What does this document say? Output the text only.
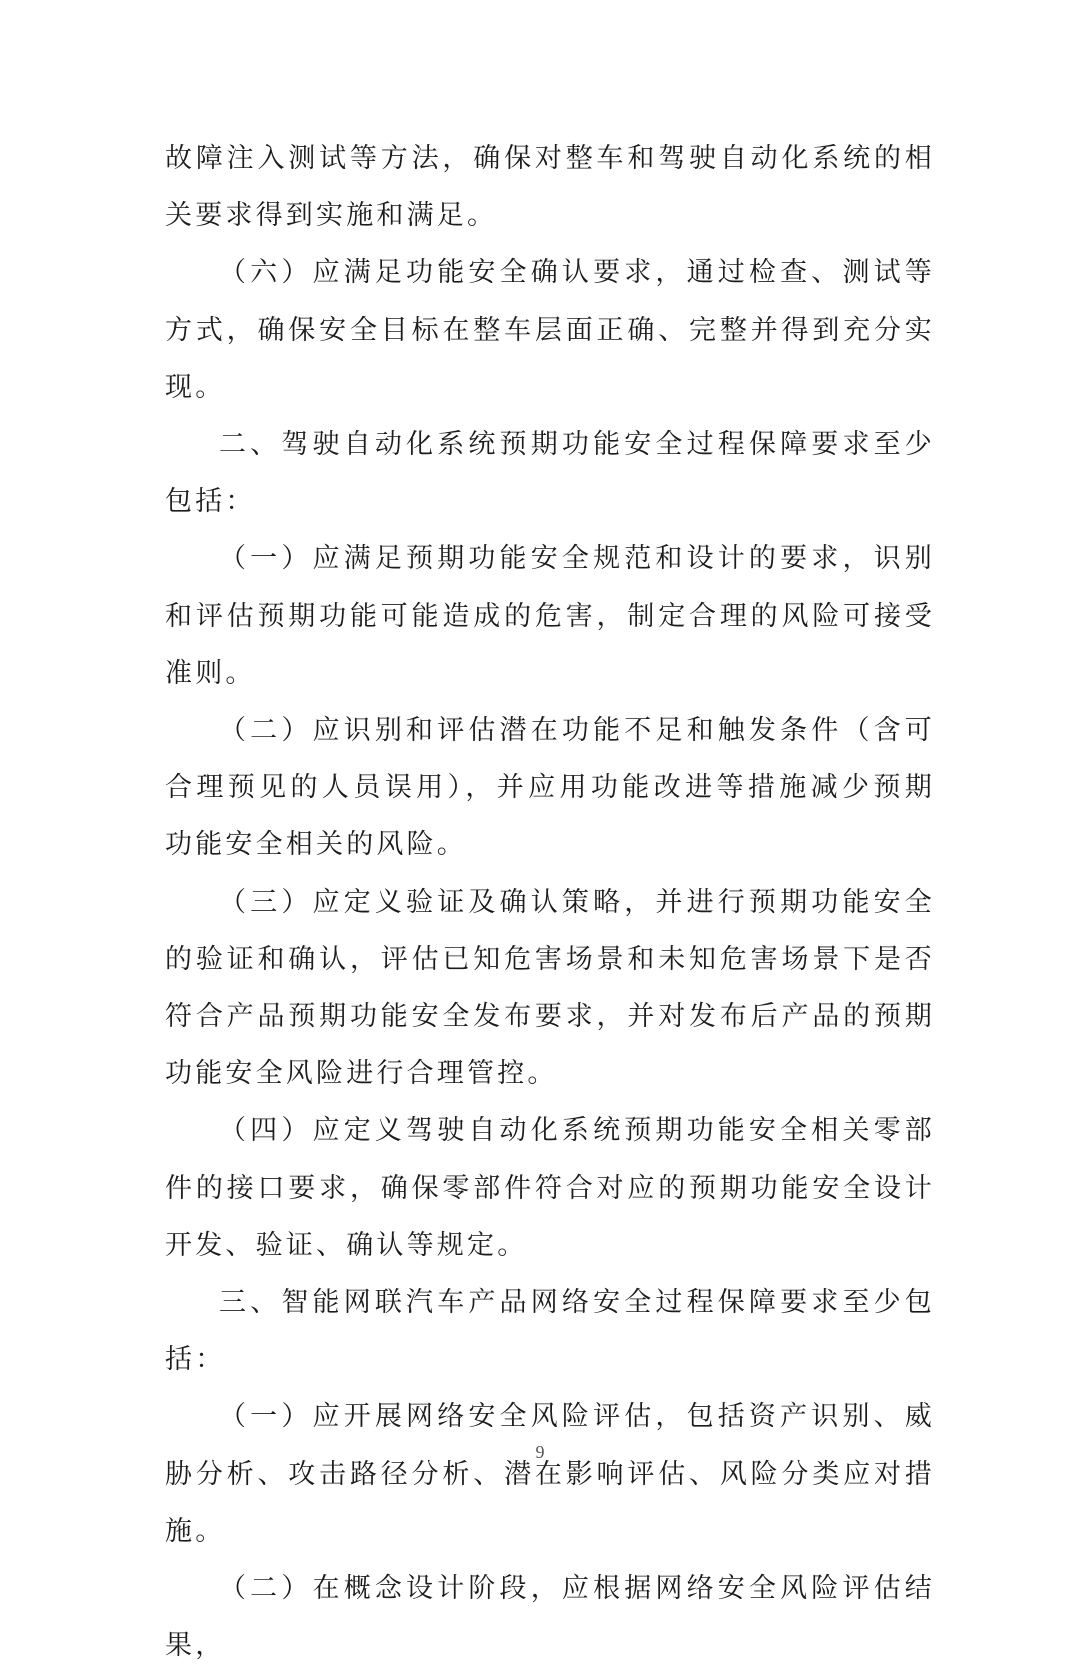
故障注入测试等方法，确保对整车和驾驶自动化系统的相关要求得到实施和满足。

（六）应满足功能安全确认要求，通过检查、测试等方式，确保安全目标在整车层面正确、完整并得到充分实现。

二、驾驶自动化系统预期功能安全过程保障要求至少包括：

（一）应满足预期功能安全规范和设计的要求，识别和评估预期功能可能造成的危害，制定合理的风险可接受准则。

（二）应识别和评估潜在功能不足和触发条件（含可合理预见的人员误用），并应用功能改进等措施减少预期功能安全相关的风险。

（三）应定义验证及确认策略，并进行预期功能安全的验证和确认，评估已知危害场景和未知危害场景下是否符合产品预期功能安全发布要求，并对发布后产品的预期功能安全风险进行合理管控。

（四）应定义驾驶自动化系统预期功能安全相关零部件的接口要求，确保零部件符合对应的预期功能安全设计开发、验证、确认等规定。

三、智能网联汽车产品网络安全过程保障要求至少包括：

（一）应开展网络安全风险评估，包括资产识别、威胁分析、攻击路径分析、潜在影响评估、风险分类应对措施。

（二）在概念设计阶段，应根据网络安全风险评估结果，

9
